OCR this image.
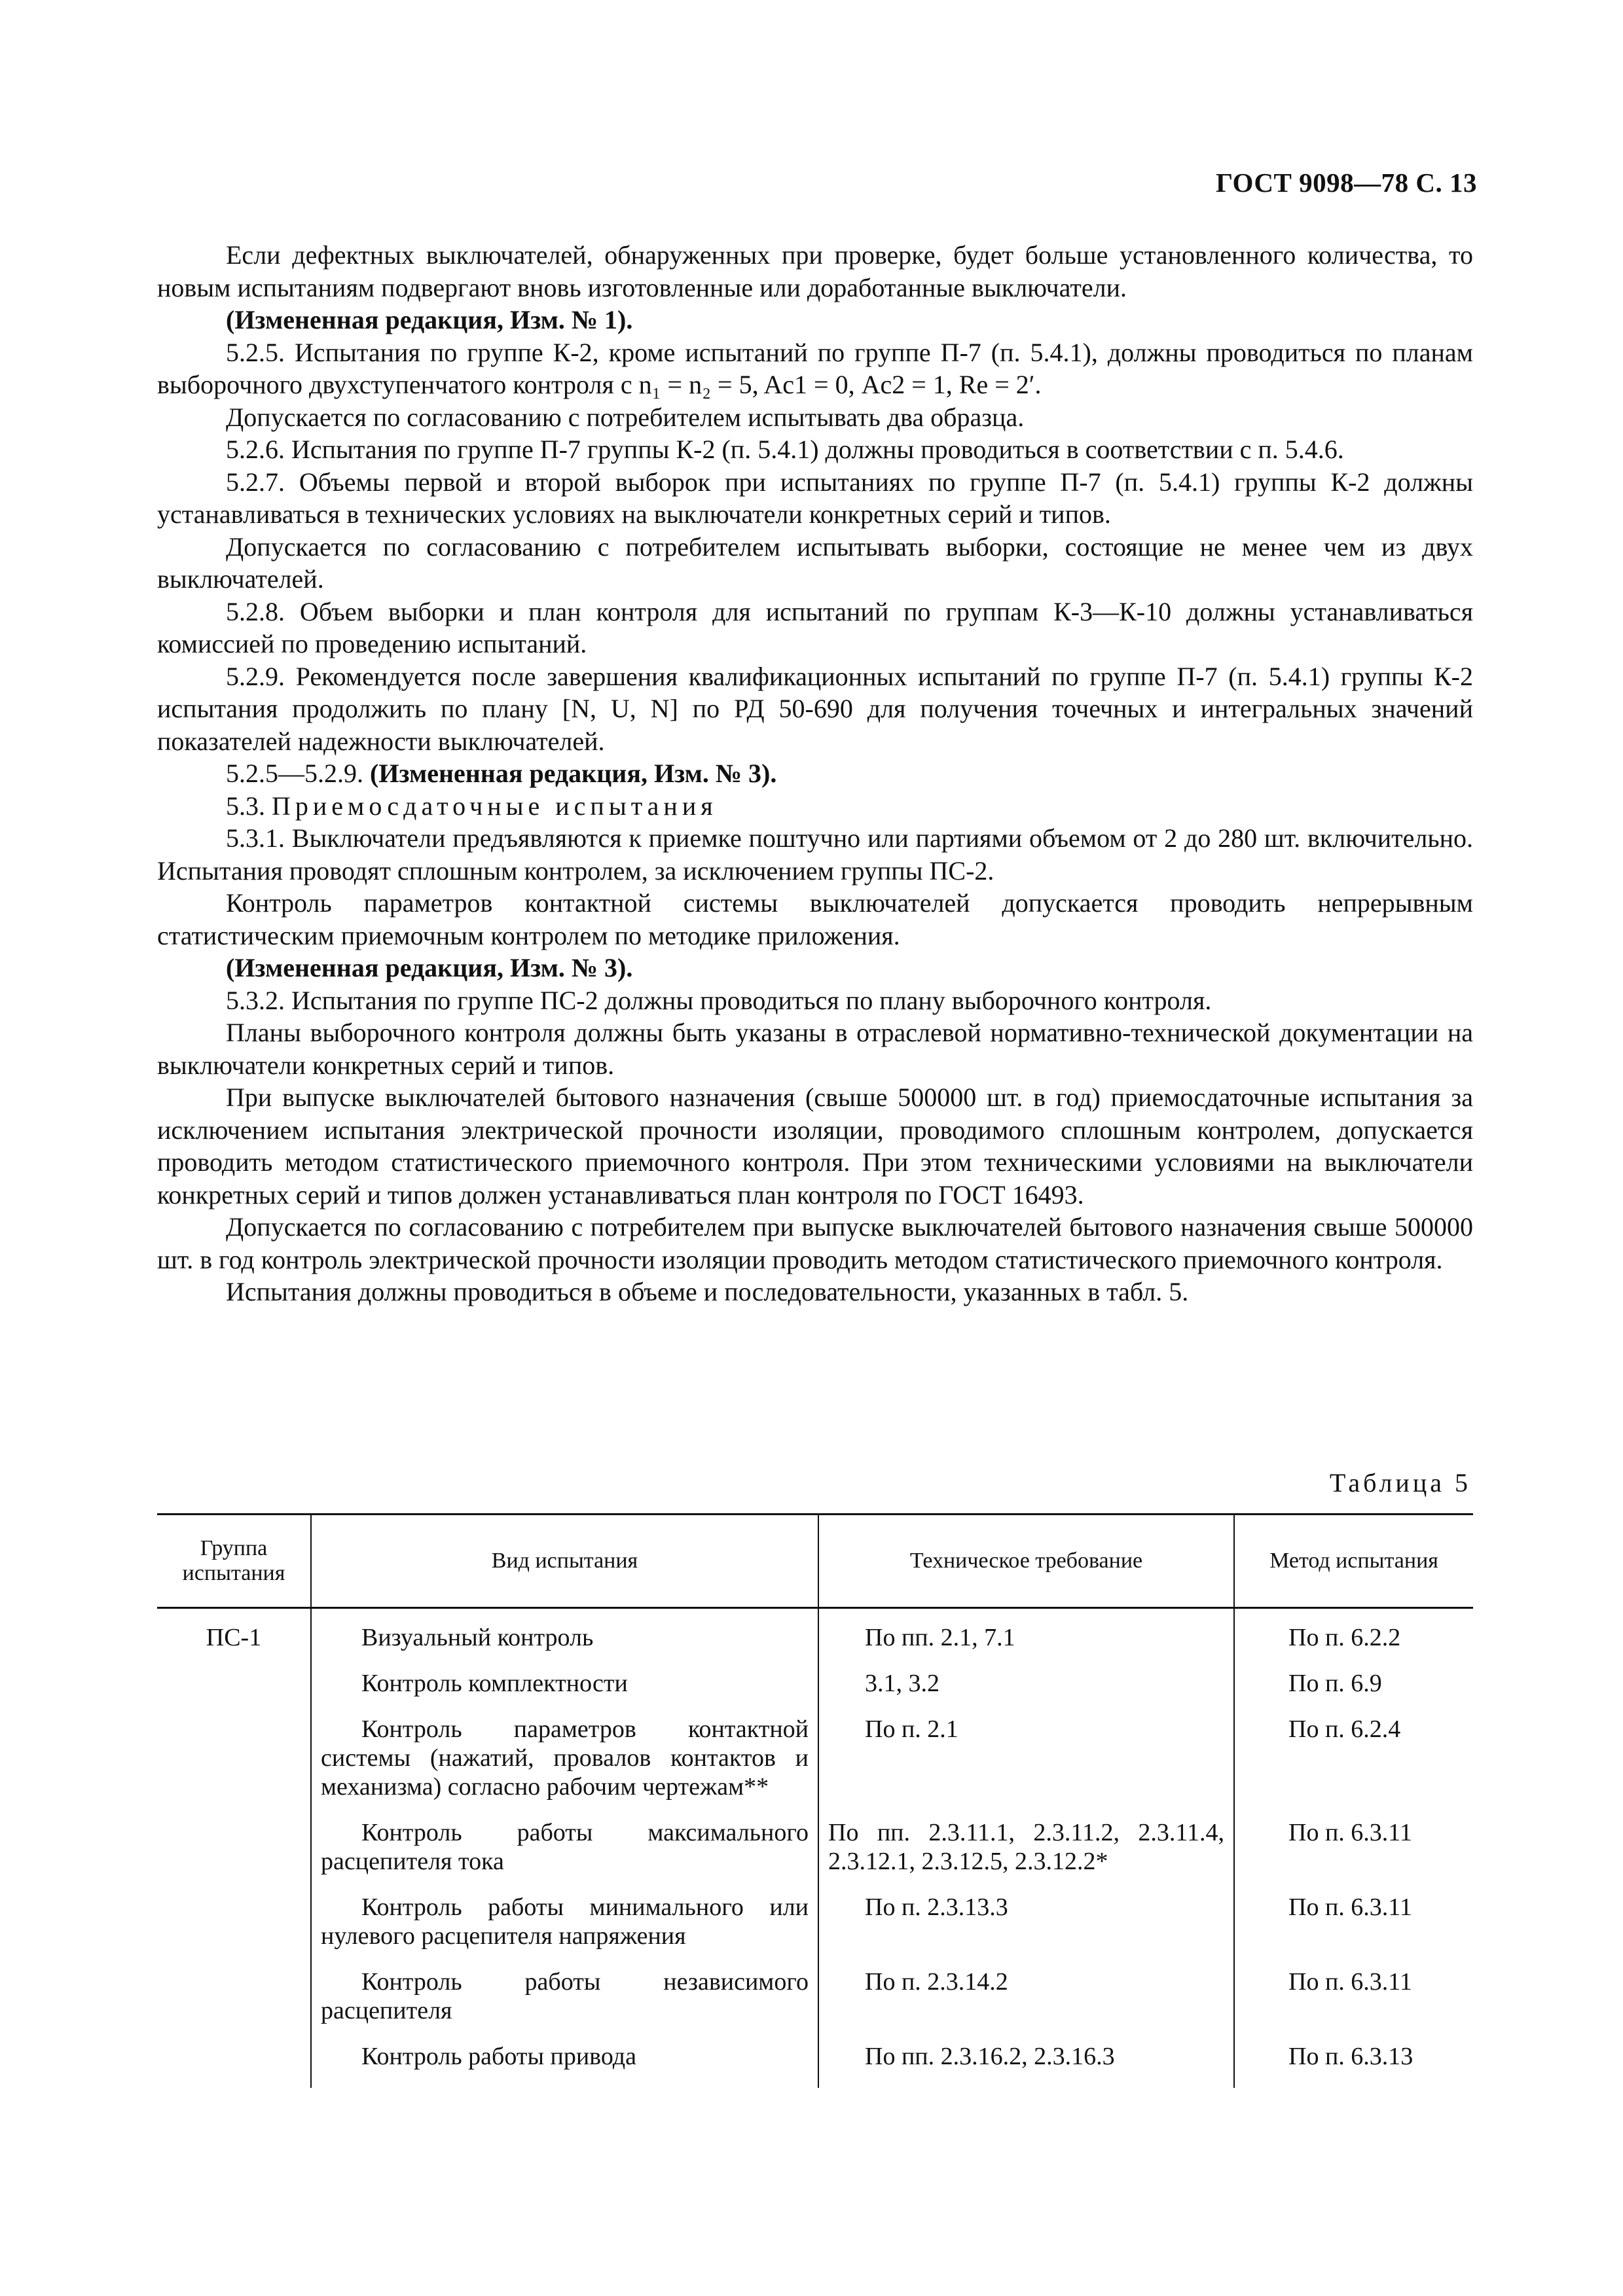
ГОСТ 9098—78 С. 13

Если дефектных выключателей, обнаруженных при проверке, будет больше установленного количества, то новым испытаниям подвергают вновь изготовленные или доработанные выключатели.

(Измененная редакция, Изм. № 1).

5.2.5. Испытания по группе К-2, кроме испытаний по группе П-7 (п. 5.4.1), должны проводиться по планам выборочного двухступенчатого контроля с n₁ = n₂ = 5, Aс1 = 0, Aс2 = 1, Rе = 2′.

Допускается по согласованию с потребителем испытывать два образца.

5.2.6. Испытания по группе П-7 группы К-2 (п. 5.4.1) должны проводиться в соответствии с п. 5.4.6.

5.2.7. Объемы первой и второй выборок при испытаниях по группе П-7 (п. 5.4.1) группы К-2 должны устанавливаться в технических условиях на выключатели конкретных серий и типов.

Допускается по согласованию с потребителем испытывать выборки, состоящие не менее чем из двух выключателей.

5.2.8. Объем выборки и план контроля для испытаний по группам К-3—К-10 должны устанавливаться комиссией по проведению испытаний.

5.2.9. Рекомендуется после завершения квалификационных испытаний по группе П-7 (п. 5.4.1) группы К-2 испытания продолжить по плану [N, U, N] по РД 50-690 для получения точечных и интегральных значений показателей надежности выключателей.

5.2.5—5.2.9. (Измененная редакция, Изм. № 3).

5.3. Приемосдаточные испытания

5.3.1. Выключатели предъявляются к приемке поштучно или партиями объемом от 2 до 280 шт. включительно. Испытания проводят сплошным контролем, за исключением группы ПС-2.

Контроль параметров контактной системы выключателей допускается проводить непрерывным статистическим приемочным контролем по методике приложения.

(Измененная редакция, Изм. № 3).

5.3.2. Испытания по группе ПС-2 должны проводиться по плану выборочного контроля.

Планы выборочного контроля должны быть указаны в отраслевой нормативно-технической документации на выключатели конкретных серий и типов.

При выпуске выключателей бытового назначения (свыше 500000 шт. в год) приемосдаточные испытания за исключением испытания электрической прочности изоляции, проводимого сплошным контролем, допускается проводить методом статистического приемочного контроля. При этом техническими условиями на выключатели конкретных серий и типов должен устанавливаться план контроля по ГОСТ 16493.

Допускается по согласованию с потребителем при выпуске выключателей бытового назначения свыше 500000 шт. в год контроль электрической прочности изоляции проводить методом статистического приемочного контроля.

Испытания должны проводиться в объеме и последовательности, указанных в табл. 5.

Таблица 5
Группа испытания	Вид испытания	Техническое требование	Метод испытания
ПС-1	Визуальный контроль	По пп. 2.1, 7.1	По п. 6.2.2

	Контроль комплектности	3.1, 3.2	По п. 6.9

	Контроль параметров контактной системы (нажатий, провалов контактов и механизма) согласно рабочим чертежам**	По п. 2.1	По п. 6.2.4

	Контроль работы максимального расцепителя тока	По пп. 2.3.11.1, 2.3.11.2, 2.3.11.4, 2.3.12.1, 2.3.12.5, 2.3.12.2*	По п. 6.3.11

	Контроль работы минимального или нулевого расцепителя напряжения	По п. 2.3.13.3	По п. 6.3.11

	Контроль работы независимого расцепителя	По п. 2.3.14.2	По п. 6.3.11

	Контроль работы привода	По пп. 2.3.16.2, 2.3.16.3	По п. 6.3.13
